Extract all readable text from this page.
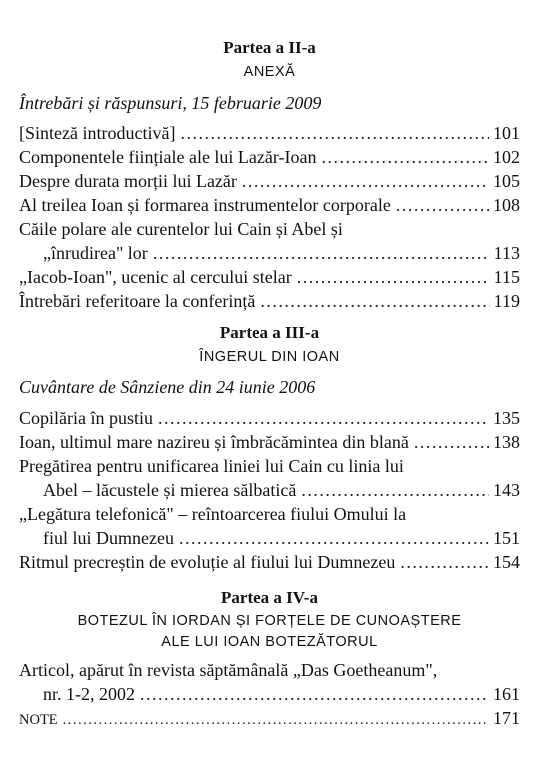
Partea a II-a
ANEXĂ
Întrebări și răspunsuri, 15 februarie 2009
[Sinteză introductivă] .....	101
Componentele ființiale ale lui Lazăr-Ioan .....	102
Despre durata morții lui Lazăr .....	105
Al treilea Ioan și formarea instrumentelor corporale .....	108
Căile polare ale curentelor lui Cain și Abel și
„înrudirea" lor .....	113
„Iacob-Ioan", ucenic al cercului stelar .....	115
Întrebări referitoare la conferință .....	119
Partea a III-a
ÎNGERUL DIN IOAN
Cuvântare de Sânziene din 24 iunie 2006
Copilăria în pustiu .....	135
Ioan, ultimul mare nazireu și îmbrăcămintea din blană .....	138
Pregătirea pentru unificarea liniei lui Cain cu linia lui
Abel – lăcustele și mierea sălbatică .....	143
„Legătura telefonică" – reîntoarcerea fiului Omului la
fiul lui Dumnezeu .....	151
Ritmul precreștin de evoluție al fiului lui Dumnezeu .....	154
Partea a IV-a
BOTEZUL ÎN IORDAN ȘI FORȚELE DE CUNOAȘTERE
ALE LUI IOAN BOTEZĂTORUL
Articol, apărut în revista săptămânală „Das Goetheanum",
nr. 1-2, 2002 .....	161
NOTE .....	171
